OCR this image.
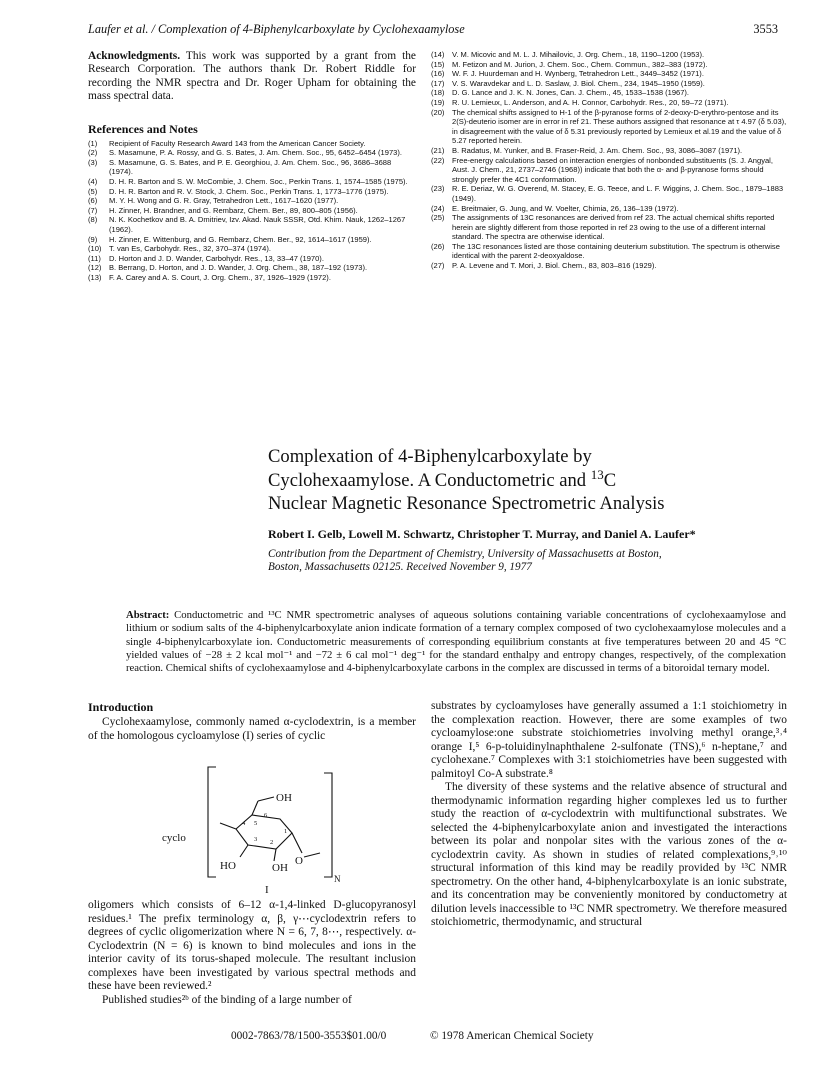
Laufer et al. / Complexation of 4-Biphenylcarboxylate by Cyclohexaamylose	3553

Acknowledgments. This work was supported by a grant from the Research Corporation. The authors thank Dr. Robert Riddle for recording the NMR spectra and Dr. Roger Upham for obtaining the mass spectral data.

References and Notes
(1) Recipient of Faculty Research Award 143 from the American Cancer Society.
(2) S. Masamune, P. A. Rossy, and G. S. Bates, J. Am. Chem. Soc., 95, 6452–6454 (1973).
(3) S. Masamune, G. S. Bates, and P. E. Georghiou, J. Am. Chem. Soc., 96, 3686–3688 (1974).
(4) D. H. R. Barton and S. W. McCombie, J. Chem. Soc., Perkin Trans. 1, 1574–1585 (1975).
(5) D. H. R. Barton and R. V. Stock, J. Chem. Soc., Perkin Trans. 1, 1773–1776 (1975).
(6) M. Y. H. Wong and G. R. Gray, Tetrahedron Lett., 1617–1620 (1977).
(7) H. Zinner, H. Brandner, and G. Rembarz, Chem. Ber., 89, 800–805 (1956).
(8) N. K. Kochetkov and B. A. Dmitriev, Izv. Akad. Nauk SSSR, Otd. Khim. Nauk, 1262–1267 (1962).
(9) H. Zinner, E. Wittenburg, and G. Rembarz, Chem. Ber., 92, 1614–1617 (1959).
(10) T. van Es, Carbohydr. Res., 32, 370–374 (1974).
(11) D. Horton and J. D. Wander, Carbohydr. Res., 13, 33–47 (1970).
(12) B. Berrang, D. Horton, and J. D. Wander, J. Org. Chem., 38, 187–192 (1973).
(13) F. A. Carey and A. S. Court, J. Org. Chem., 37, 1926–1929 (1972).
(14) V. M. Micovic and M. L. J. Mihailovic, J. Org. Chem., 18, 1190–1200 (1953).
(15) M. Fetizon and M. Jurion, J. Chem. Soc., Chem. Commun., 382–383 (1972).
(16) W. F. J. Huurdeman and H. Wynberg, Tetrahedron Lett., 3449–3452 (1971).
(17) V. S. Waravdekar and L. D. Saslaw, J. Biol. Chem., 234, 1945–1950 (1959).
(18) D. G. Lance and J. K. N. Jones, Can. J. Chem., 45, 1533–1538 (1967).
(19) R. U. Lemieux, L. Anderson, and A. H. Connor, Carbohydr. Res., 20, 59–72 (1971).
(20) The chemical shifts assigned to H-1 of the β-pyranose forms of 2-deoxy-D-erythro-pentose and its 2(S)-deuterio isomer are in error in ref 21. These authors assigned that resonance at τ 4.97 (δ 5.03), in disagreement with the value of δ 5.31 previously reported by Lemieux et al.19 and the value of δ 5.27 reported herein.
(21) B. Radatus, M. Yunker, and B. Fraser-Reid, J. Am. Chem. Soc., 93, 3086–3087 (1971).
(22) Free-energy calculations based on interaction energies of nonbonded substituents (S. J. Angyal, Aust. J. Chem., 21, 2737–2746 (1968)) indicate that both the α- and β-pyranose forms should strongly prefer the 4C1 conformation.
(23) R. E. Deriaz, W. G. Overend, M. Stacey, E. G. Teece, and L. F. Wiggins, J. Chem. Soc., 1879–1883 (1949).
(24) E. Breitmaier, G. Jung, and W. Voelter, Chimia, 26, 136–139 (1972).
(25) The assignments of 13C resonances are derived from ref 23. The actual chemical shifts reported herein are slightly different from those reported in ref 23 owing to the use of a different internal standard. The spectra are otherwise identical.
(26) The 13C resonances listed are those containing deuterium substitution. The spectrum is otherwise identical with the parent 2-deoxyaldose.
(27) P. A. Levene and T. Mori, J. Biol. Chem., 83, 803–816 (1929).
Complexation of 4-Biphenylcarboxylate by
Cyclohexaamylose. A Conductometric and $^{13}$C
Nuclear Magnetic Resonance Spectrometric Analysis
Robert I. Gelb, Lowell M. Schwartz, Christopher T. Murray, and Daniel A. Laufer*
Contribution from the Department of Chemistry, University of Massachusetts at Boston,
Boston, Massachusetts 02125. Received November 9, 1977

Abstract: Conductometric and ¹³C NMR spectrometric analyses of aqueous solutions containing variable concentrations of cyclohexaamylose and lithium or sodium salts of the 4-biphenylcarboxylate anion indicate formation of a ternary complex composed of two cyclohexaamylose molecules and a single 4-biphenylcarboxylate ion. Conductometric measurements of corresponding equilibrium constants at five temperatures between 20 and 45 °C yielded values of −28 ± 2 kcal mol⁻¹ and −72 ± 6 cal mol⁻¹ deg⁻¹ for the standard enthalpy and entropy changes, respectively, of the complexation reaction. Chemical shifts of cyclohexaamylose and 4-biphenylcarboxylate carbons in the complex are discussed in terms of a bitoroidal ternary model.

Introduction

Cyclohexaamylose, commonly named α-cyclodextrin, is a member of the homologous cycloamylose (I) series of cyclic

OH
OH
HO	O
N
4
6
3 2
1
5
cyclo
I

oligomers which consists of 6–12 α-1,4-linked D-glucopyranosyl residues.¹ The prefix terminology α, β, γ⋯cyclodextrin refers to degrees of cyclic oligomerization where N = 6, 7, 8⋯, respectively. α-Cyclodextrin (N = 6) is known to bind molecules and ions in the interior cavity of its torus-shaped molecule. The resultant inclusion complexes have been investigated by various spectral methods and these have been reviewed.²

Published studies²ᵇ of the binding of a large number of

substrates by cycloamyloses have generally assumed a 1:1 stoichiometry in the complexation reaction. However, there are some examples of two cycloamylose:one substrate stoichiometries involving methyl orange,³˒⁴ orange I,⁵ 6-p-toluidinylnaphthalene 2-sulfonate (TNS),⁶ n-heptane,⁷ and cyclohexane.⁷ Complexes with 3:1 stoichiometries have been suggested with palmitoyl Co-A substrate.⁸

The diversity of these systems and the relative absence of structural and thermodynamic information regarding higher complexes led us to further study the reaction of α-cyclodextrin with multifunctional substrates. We selected the 4-biphenylcarboxylate anion and investigated the interactions between its polar and nonpolar sites with the various zones of the α-cyclodextrin cavity. As shown in studies of related complexations,⁹˒¹⁰ structural information of this kind may be readily provided by ¹³C NMR spectrometry. On the other hand, 4-biphenylcarboxylate is an ionic substrate, and its concentration may be conveniently monitored by conductometry at dilution levels inaccessible to ¹³C NMR spectrometry. We therefore measured stoichiometric, thermodynamic, and structural

0002-7863/78/1500-3553$01.00/0	© 1978 American Chemical Society
